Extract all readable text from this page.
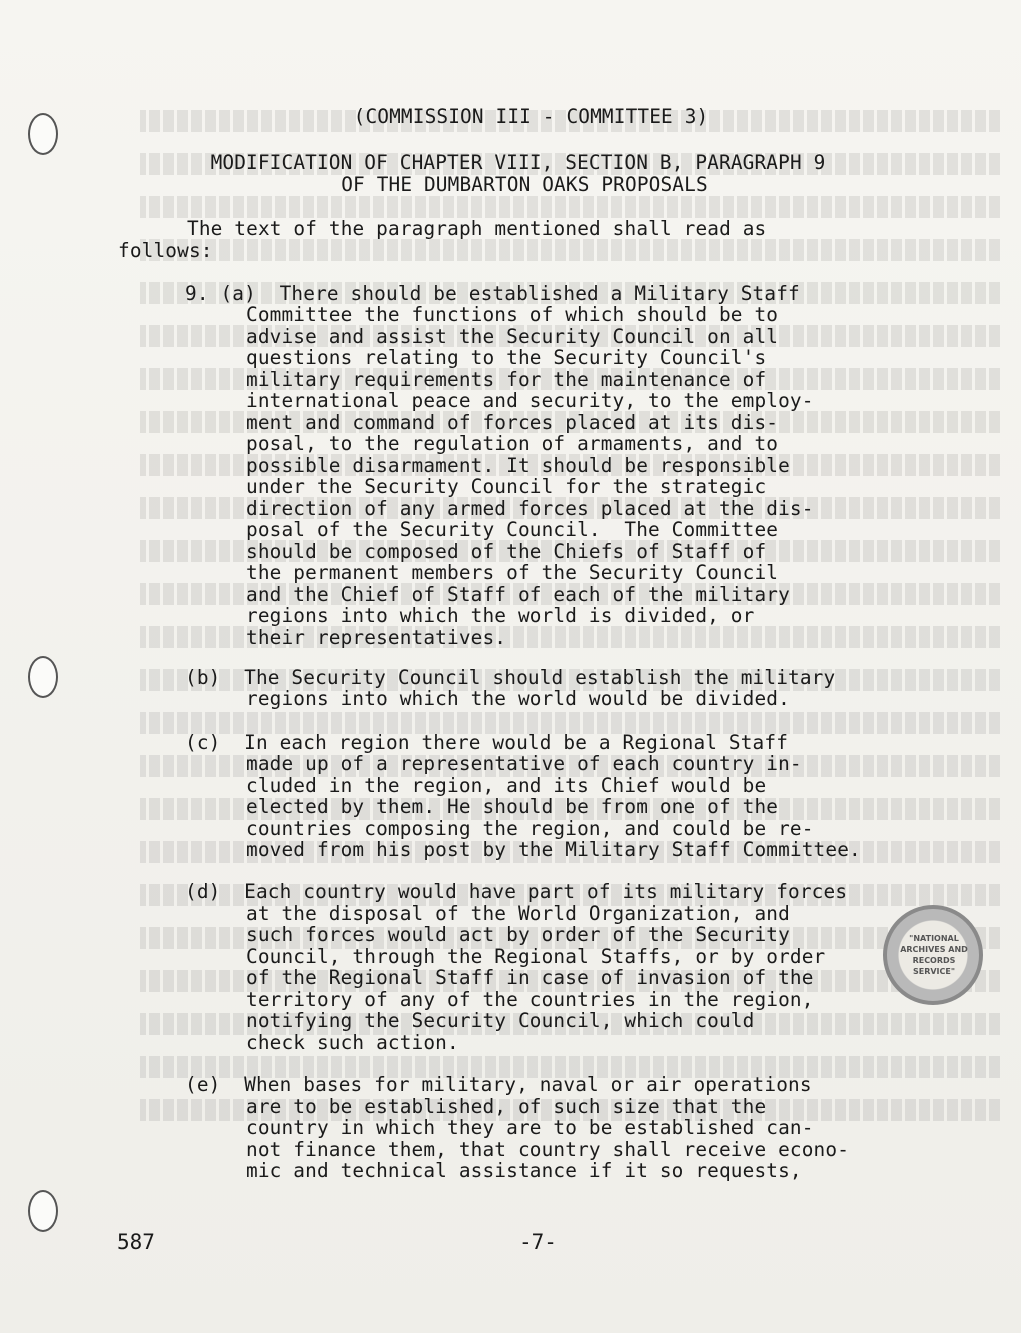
(COMMISSION III - COMMITTEE 3)
MODIFICATION OF CHAPTER VIII, SECTION B, PARAGRAPH 9
OF THE DUMBARTON OAKS PROPOSALS
The text of the paragraph mentioned shall read as
follows:
9. (a)  There should be established a Military Staff
Committee the functions of which should be to
advise and assist the Security Council on all
questions relating to the Security Council's
military requirements for the maintenance of
international peace and security, to the employ-
ment and command of forces placed at its dis-
posal, to the regulation of armaments, and to
possible disarmament. It should be responsible
under the Security Council for the strategic
direction of any armed forces placed at the dis-
posal of the Security Council.  The Committee
should be composed of the Chiefs of Staff of
the permanent members of the Security Council
and the Chief of Staff of each of the military
regions into which the world is divided, or
their representatives.
(b)  The Security Council should establish the military
regions into which the world would be divided.
(c)  In each region there would be a Regional Staff
made up of a representative of each country in-
cluded in the region, and its Chief would be
elected by them. He should be from one of the
countries composing the region, and could be re-
moved from his post by the Military Staff Committee.
(d)  Each country would have part of its military forces
at the disposal of the World Organization, and
such forces would act by order of the Security
Council, through the Regional Staffs, or by order
of the Regional Staff in case of invasion of the
territory of any of the countries in the region,
notifying the Security Council, which could
check such action.
(e)  When bases for military, naval or air operations
are to be established, of such size that the
country in which they are to be established can-
not finance them, that country shall receive econo-
mic and technical assistance if it so requests,
"NATIONAL
ARCHIVES AND
RECORDS
SERVICE"
587	-7-
